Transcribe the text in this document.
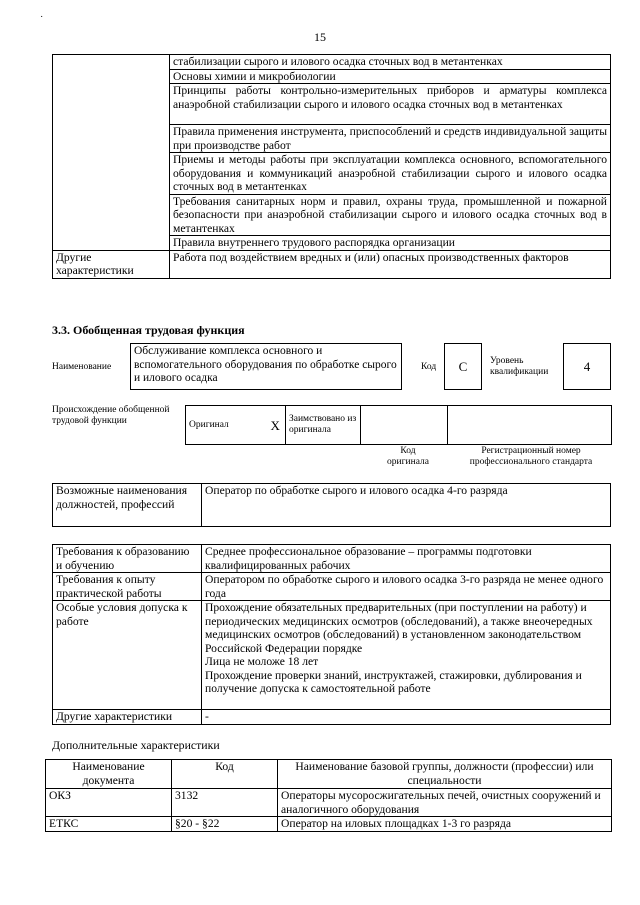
˙
15
	стабилизации сырого и илового осадка сточных вод в метантенках
	Основы химии и микробиологии
	Принципы работы контрольно-измерительных приборов и арматуры комплекса анаэробной стабилизации сырого и илового осадка сточных вод в метантенках
	Правила применения инструмента, приспособлений и средств индивидуальной защиты при производстве работ
	Приемы и методы работы при эксплуатации комплекса основного, вспомогательного оборудования и коммуникаций анаэробной стабилизации сырого и илового осадка сточных вод в метантенках
	Требования санитарных норм и правил, охраны труда, промышленной и пожарной безопасности при анаэробной стабилизации сырого и илового осадка сточных вод в метантенках
	Правила внутреннего трудового распорядка организации
Другие характеристики	Работа под воздействием вредных и (или) опасных производственных факторов
3.3. Обобщенная трудовая функция
Наименование
Обслуживание комплекса основного и вспомогательного оборудования по обработке сырого и илового осадка
Код	С	Уровень квалификации	4
Происхождение обобщенной трудовой функции	Оригинал	Х	Заимствовано из оригинала		
Код оригинала
Регистрационный номер профессионального стандарта
Возможные наименования должностей, профессий	Оператор по обработке сырого и илового осадка 4-го разряда
Требования к образованию и обучению	Среднее профессиональное образование – программы подготовки квалифицированных рабочих
Требования к опыту практической работы	Оператором по обработке сырого и илового осадка 3-го разряда не менее одного года
Особые условия допуска к работе	Прохождение обязательных предварительных (при поступлении на работу) и периодических медицинских осмотров (обследований), а также внеочередных медицинских осмотров (обследований) в установленном законодательством Российской Федерации порядке
Лица не моложе 18 лет
Прохождение проверки знаний, инструктажей, стажировки, дублирования и получение допуска к самостоятельной работе

Другие характеристики	-
Дополнительные характеристики
Наименование документа	Код	Наименование базовой группы, должности (профессии) или специальности
ОКЗ	3132	Операторы мусоросжигательных печей, очистных сооружений и аналогичного оборудования
ЕТКС	§20 - §22	Оператор на иловых площадках 1-3 го разряда
